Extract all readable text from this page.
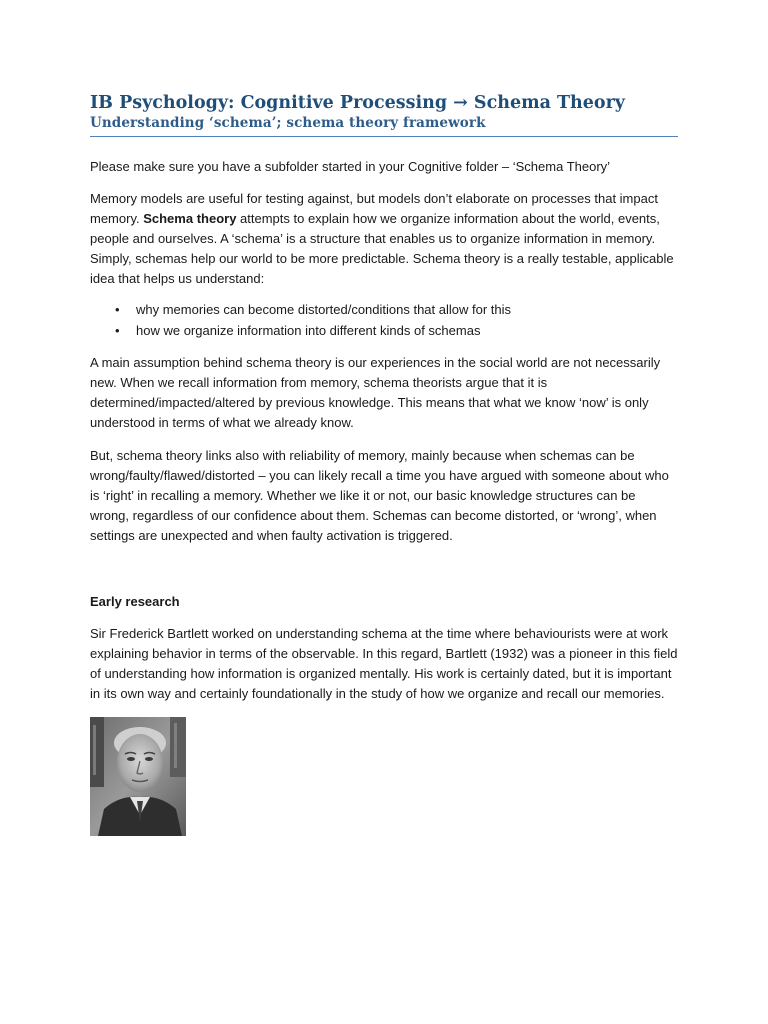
IB Psychology: Cognitive Processing → Schema Theory
Understanding ‘schema’; schema theory framework

Please make sure you have a subfolder started in your Cognitive folder – ‘Schema Theory’

Memory models are useful for testing against, but models don’t elaborate on processes that impact memory. Schema theory attempts to explain how we organize information about the world, events, people and ourselves. A ‘schema’ is a structure that enables us to organize information in memory. Simply, schemas help our world to be more predictable. Schema theory is a really testable, applicable idea that helps us understand:

• why memories can become distorted/conditions that allow for this
• how we organize information into different kinds of schemas

A main assumption behind schema theory is our experiences in the social world are not necessarily new. When we recall information from memory, schema theorists argue that it is determined/impacted/altered by previous knowledge. This means that what we know ‘now’ is only understood in terms of what we already know.

But, schema theory links also with reliability of memory, mainly because when schemas can be wrong/faulty/flawed/distorted – you can likely recall a time you have argued with someone about who is ‘right’ in recalling a memory. Whether we like it or not, our basic knowledge structures can be wrong, regardless of our confidence about them. Schemas can become distorted, or ‘wrong’, when settings are unexpected and when faulty activation is triggered.

Early research

Sir Frederick Bartlett worked on understanding schema at the time where behaviourists were at work explaining behavior in terms of the observable. In this regard, Bartlett (1932) was a pioneer in this field of understanding how information is organized mentally. His work is certainly dated, but it is important in its own way and certainly foundationally in the study of how we organize and recall our memories.
